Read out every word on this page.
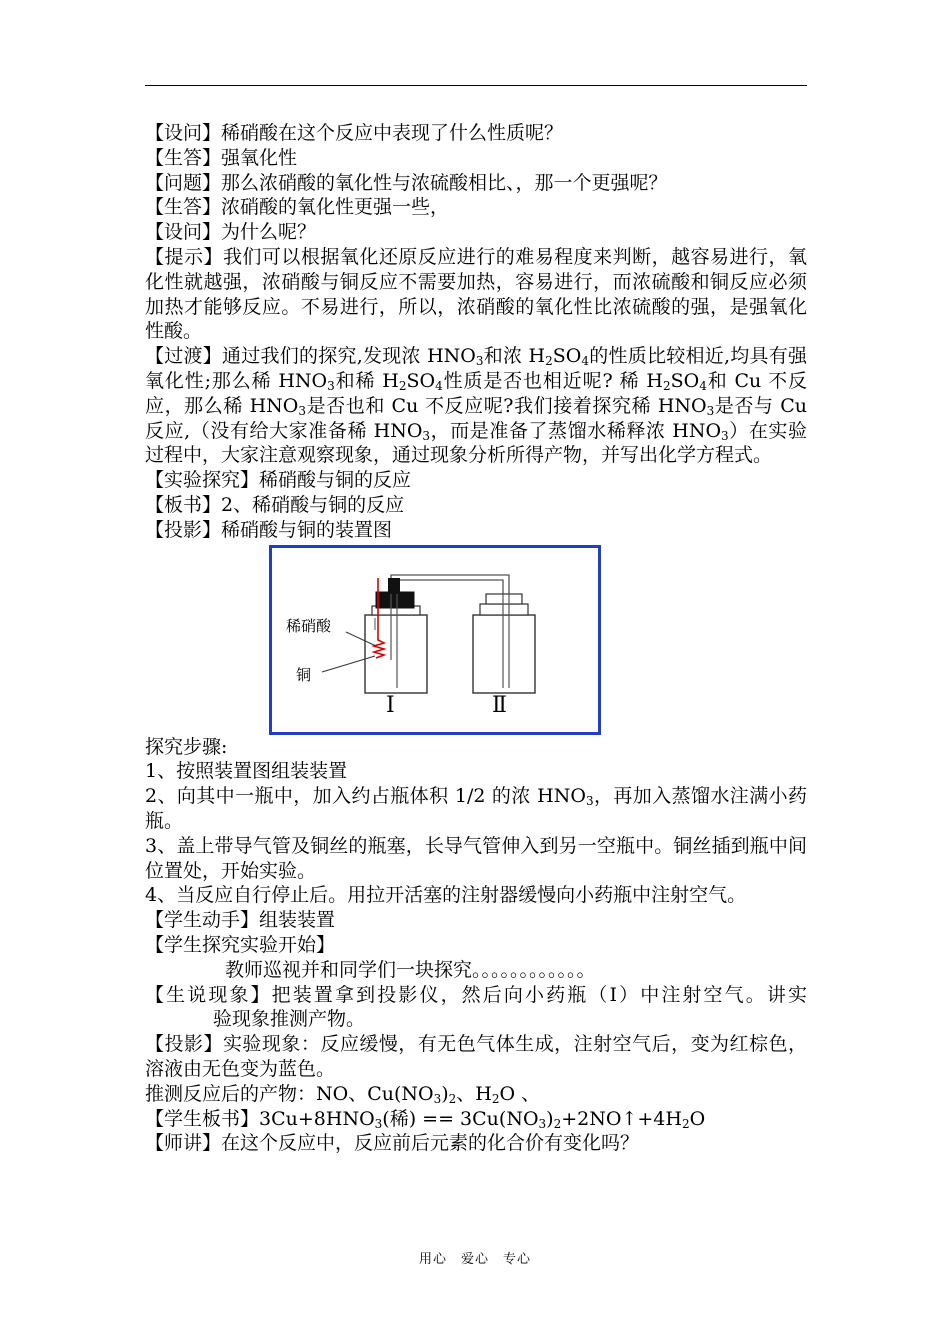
【设问】稀硝酸在这个反应中表现了什么性质呢？

【生答】强氧化性

【问题】那么浓硝酸的氧化性与浓硫酸相比、，那一个更强呢？

【生答】浓硝酸的氧化性更强一些，

【设问】为什么呢？

【提示】我们可以根据氧化还原反应进行的难易程度来判断，越容易进行，氧化性就越强，浓硝酸与铜反应不需要加热，容易进行，而浓硫酸和铜反应必须加热才能够反应。不易进行，所以，浓硝酸的氧化性比浓硫酸的强，是强氧化性酸。

【过渡】通过我们的探究,发现浓 $HNO_3$和浓 $H_2SO_4$的性质比较相近,均具有强氧化性;那么稀 $HNO_3$和稀 $H_2SO_4$性质是否也相近呢? 稀 $H_2SO_4$和 Cu 不反应，那么稀 $HNO_3$是否也和 Cu 不反应呢?我们接着探究稀 $HNO_3$是否与 Cu 反应,（没有给大家准备稀 $HNO_3$，而是准备了蒸馏水稀释浓 $HNO_3$）在实验过程中，大家注意观察现象，通过现象分析所得产物，并写出化学方程式。

【实验探究】稀硝酸与铜的反应

【板书】2、稀硝酸与铜的反应

【投影】稀硝酸与铜的装置图

稀硝酸
铜
Ⅰ	Ⅱ

探究步骤:

1、按照装置图组装装置

2、向其中一瓶中，加入约占瓶体积 1/2 的浓 $HNO_3$，再加入蒸馏水注满小药瓶。

3、盖上带导气管及铜丝的瓶塞，长导气管伸入到另一空瓶中。铜丝插到瓶中间位置处，开始实验。

4、当反应自行停止后。用拉开活塞的注射器缓慢向小药瓶中注射空气。

【学生动手】组装装置

【学生探究实验开始】

教师巡视并和同学们一块探究。。。。。。。。。。。。

【生说现象】把装置拿到投影仪，然后向小药瓶（Ⅰ）中注射空气。讲实

验现象推测产物。

【投影】实验现象：反应缓慢，有无色气体生成，注射空气后，变为红棕色，溶液由无色变为蓝色。

推测反应后的产物：NO、$Cu(NO_3)_2$、$H_2O$ 、

【学生板书】$3Cu+8HNO_3$(稀) == $3Cu(NO_3)_2+2NO↑+4H_2O$

【师讲】在这个反应中，反应前后元素的化合价有变化吗？

用心　爱心　专心
